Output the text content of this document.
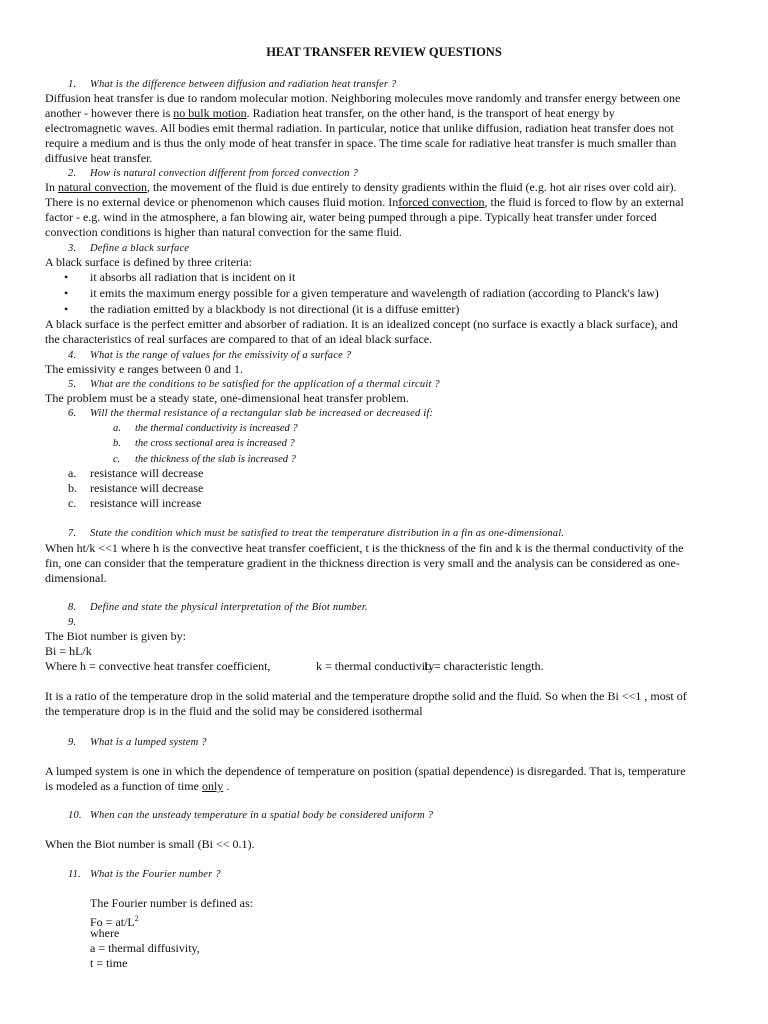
HEAT TRANSFER REVIEW QUESTIONS
1. What is the difference between diffusion and radiation heat transfer ?
Diffusion heat transfer is due to random molecular motion. Neighboring molecules move randomly and transfer energy between one
another - however there is no bulk motion. Radiation heat transfer, on the other hand, is the transport of heat energy by
electromagnetic waves. All bodies emit thermal radiation. In particular, notice that unlike diffusion, radiation heat transfer does not
require a medium and is thus the only mode of heat transfer in space. The time scale for radiative heat transfer is much smaller than
diffusive heat transfer.
2. How is natural convection different from forced convection ?
In natural convection, the movement of the fluid is due entirely to density gradients within the fluid (e.g. hot air rises over cold air).
There is no external device or phenomenon which causes fluid motion. Inforced convection, the fluid is forced to flow by an external
factor - e.g. wind in the atmosphere, a fan blowing air, water being pumped through a pipe. Typically heat transfer under forced
convection conditions is higher than natural convection for the same fluid.
3. Define a black surface
A black surface is defined by three criteria:
• it absorbs all radiation that is incident on it
• it emits the maximum energy possible for a given temperature and wavelength of radiation (according to Planck's law)
• the radiation emitted by a blackbody is not directional (it is a diffuse emitter)
A black surface is the perfect emitter and absorber of radiation. It is an idealized concept (no surface is exactly a black surface), and
the characteristics of real surfaces are compared to that of an ideal black surface.
4. What is the range of values for the emissivity of a surface ?
The emissivity e ranges between 0 and 1.
5. What are the conditions to be satisfied for the application of a thermal circuit ?
The problem must be a steady state, one-dimensional heat transfer problem.
6. Will the thermal resistance of a rectangular slab be increased or decreased if:
a. the thermal conductivity is increased ?
b. the cross sectional area is increased ?
c. the thickness of the slab is increased ?
a. resistance will decrease
b. resistance will decrease
c. resistance will increase
7. State the condition which must be satisfied to treat the temperature distribution in a fin as one-dimensional.
When ht/k <<1 where h is the convective heat transfer coefficient, t is the thickness of the fin and k is the thermal conductivity of the
fin, one can consider that the temperature gradient in the thickness direction is very small and the analysis can be considered as one-
dimensional.
8. Define and state the physical interpretation of the Biot number.
9.
The Biot number is given by:
Bi = hL/k
Where h = convective heat transfer coefficient,	k = thermal conductivity
L = characteristic length.
It is a ratio of the temperature drop in the solid material and the temperature dropthe solid and the fluid. So when the Bi <<1 , most of
the temperature drop is in the fluid and the solid may be considered isothermal
9. What is a lumped system ?
A lumped system is one in which the dependence of temperature on position (spatial dependence) is disregarded. That is, temperature
is modeled as a function of time only .
10. When can the unsteady temperature in a spatial body be considered uniform ?
When the Biot number is small (Bi << 0.1).
11. What is the Fourier number ?
The Fourier number is defined as:
$Fo = at/L^2$
where
a = thermal diffusivity,
t = time
